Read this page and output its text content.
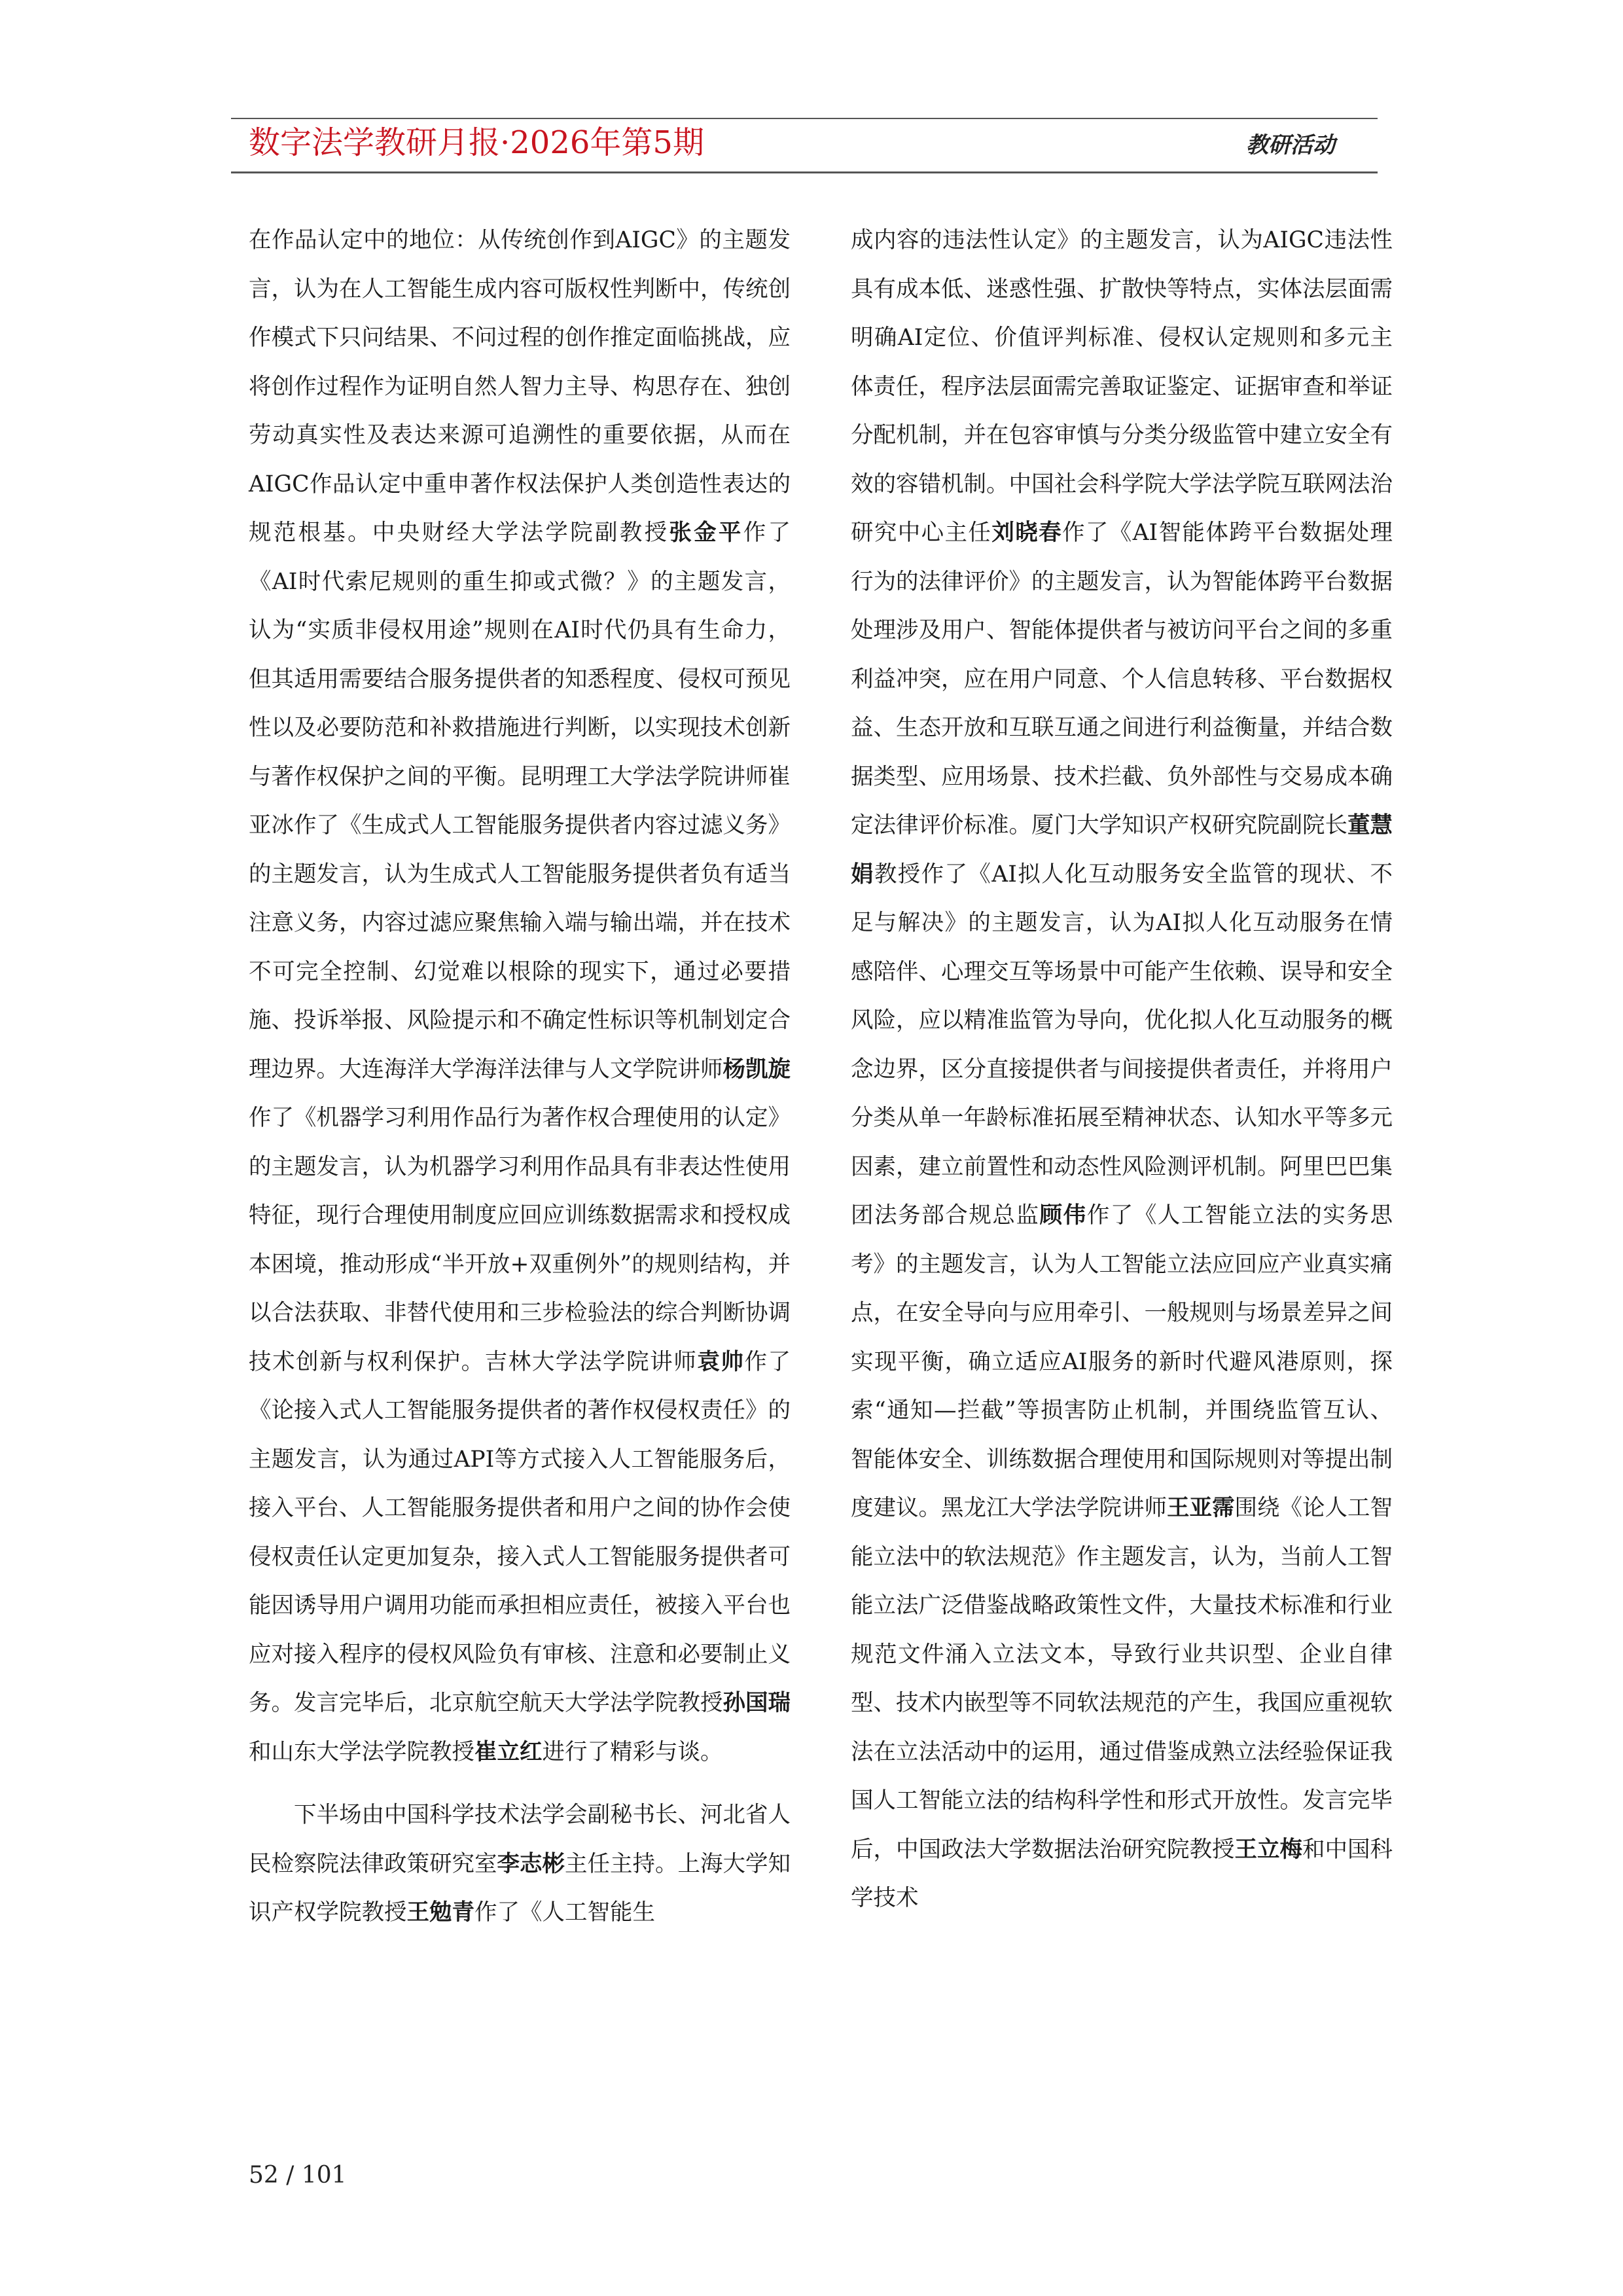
数字法学教研月报·2026年第5期	教研活动

在作品认定中的地位：从传统创作到AIGC》的主题发言，认为在人工智能生成内容可版权性判断中，传统创作模式下只问结果、不问过程的创作推定面临挑战，应将创作过程作为证明自然人智力主导、构思存在、独创劳动真实性及表达来源可追溯性的重要依据，从而在AIGC作品认定中重申著作权法保护人类创造性表达的规范根基。中央财经大学法学院副教授张金平作了《AI时代索尼规则的重生抑或式微？》的主题发言，认为“实质非侵权用途”规则在AI时代仍具有生命力，但其适用需要结合服务提供者的知悉程度、侵权可预见性以及必要防范和补救措施进行判断，以实现技术创新与著作权保护之间的平衡。昆明理工大学法学院讲师崔亚冰作了《生成式人工智能服务提供者内容过滤义务》的主题发言，认为生成式人工智能服务提供者负有适当注意义务，内容过滤应聚焦输入端与输出端，并在技术不可完全控制、幻觉难以根除的现实下，通过必要措施、投诉举报、风险提示和不确定性标识等机制划定合理边界。大连海洋大学海洋法律与人文学院讲师杨凯旋作了《机器学习利用作品行为著作权合理使用的认定》的主题发言，认为机器学习利用作品具有非表达性使用特征，现行合理使用制度应回应训练数据需求和授权成本困境，推动形成“半开放+双重例外”的规则结构，并以合法获取、非替代使用和三步检验法的综合判断协调技术创新与权利保护。吉林大学法学院讲师袁帅作了《论接入式人工智能服务提供者的著作权侵权责任》的主题发言，认为通过API等方式接入人工智能服务后，接入平台、人工智能服务提供者和用户之间的协作会使侵权责任认定更加复杂，接入式人工智能服务提供者可能因诱导用户调用功能而承担相应责任，被接入平台也应对接入程序的侵权风险负有审核、注意和必要制止义务。发言完毕后，北京航空航天大学法学院教授孙国瑞和山东大学法学院教授崔立红进行了精彩与谈。

下半场由中国科学技术法学会副秘书长、河北省人民检察院法律政策研究室李志彬主任主持。上海大学知识产权学院教授王勉青作了《人工智能生

成内容的违法性认定》的主题发言，认为AIGC违法性具有成本低、迷惑性强、扩散快等特点，实体法层面需明确AI定位、价值评判标准、侵权认定规则和多元主体责任，程序法层面需完善取证鉴定、证据审查和举证分配机制，并在包容审慎与分类分级监管中建立安全有效的容错机制。中国社会科学院大学法学院互联网法治研究中心主任刘晓春作了《AI智能体跨平台数据处理行为的法律评价》的主题发言，认为智能体跨平台数据处理涉及用户、智能体提供者与被访问平台之间的多重利益冲突，应在用户同意、个人信息转移、平台数据权益、生态开放和互联互通之间进行利益衡量，并结合数据类型、应用场景、技术拦截、负外部性与交易成本确定法律评价标准。厦门大学知识产权研究院副院长董慧娟教授作了《AI拟人化互动服务安全监管的现状、不足与解决》的主题发言，认为AI拟人化互动服务在情感陪伴、心理交互等场景中可能产生依赖、误导和安全风险，应以精准监管为导向，优化拟人化互动服务的概念边界，区分直接提供者与间接提供者责任，并将用户分类从单一年龄标准拓展至精神状态、认知水平等多元因素，建立前置性和动态性风险测评机制。阿里巴巴集团法务部合规总监顾伟作了《人工智能立法的实务思考》的主题发言，认为人工智能立法应回应产业真实痛点，在安全导向与应用牵引、一般规则与场景差异之间实现平衡，确立适应AI服务的新时代避风港原则，探索“通知—拦截”等损害防止机制，并围绕监管互认、智能体安全、训练数据合理使用和国际规则对等提出制度建议。黑龙江大学法学院讲师王亚霈围绕《论人工智能立法中的软法规范》作主题发言，认为，当前人工智能立法广泛借鉴战略政策性文件，大量技术标准和行业规范文件涌入立法文本，导致行业共识型、企业自律型、技术内嵌型等不同软法规范的产生，我国应重视软法在立法活动中的运用，通过借鉴成熟立法经验保证我国人工智能立法的结构科学性和形式开放性。发言完毕后，中国政法大学数据法治研究院教授王立梅和中国科学技术

52 / 101
